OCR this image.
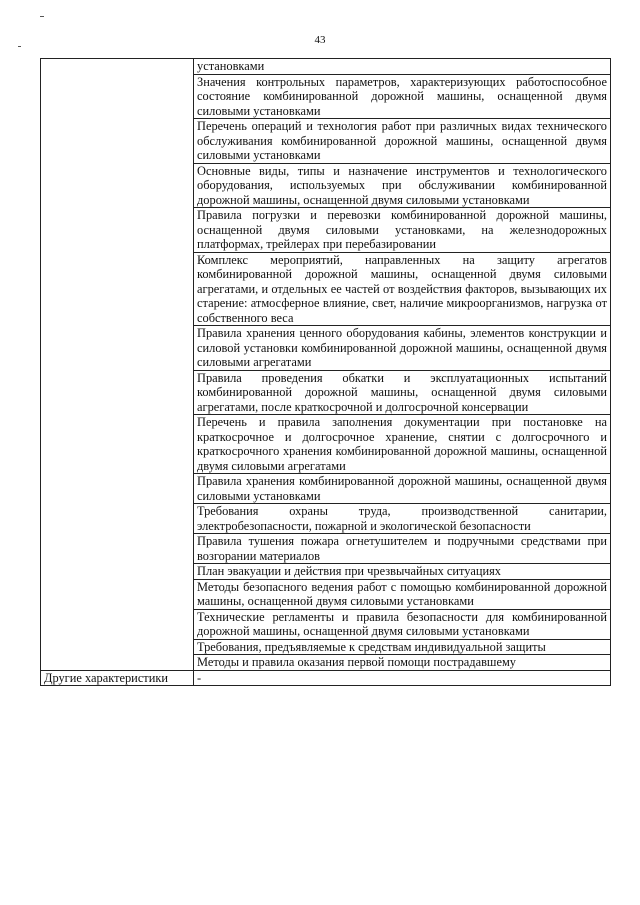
43
	установками
	Значения контрольных параметров, характеризующих работоспособное состояние комбинированной дорожной машины, оснащенной двумя силовыми установками
	Перечень операций и технология работ при различных видах технического обслуживания комбинированной дорожной машины, оснащенной двумя силовыми установками
	Основные виды, типы и назначение инструментов и технологического оборудования, используемых при обслуживании комбинированной дорожной машины, оснащенной двумя силовыми установками
	Правила погрузки и перевозки комбинированной дорожной машины, оснащенной двумя силовыми установками, на железнодорожных платформах, трейлерах при перебазировании
	Комплекс мероприятий, направленных на защиту агрегатов комбинированной дорожной машины, оснащенной двумя силовыми агрегатами, и отдельных ее частей от воздействия факторов, вызывающих их старение: атмосферное влияние, свет, наличие микроорганизмов, нагрузка от собственного веса
	Правила хранения ценного оборудования кабины, элементов конструкции и силовой установки комбинированной дорожной машины, оснащенной двумя силовыми агрегатами
	Правила проведения обкатки и эксплуатационных испытаний комбинированной дорожной машины, оснащенной двумя силовыми агрегатами, после краткосрочной и долгосрочной консервации
	Перечень и правила заполнения документации при постановке на краткосрочное и долгосрочное хранение, снятии с долгосрочного и краткосрочного хранения комбинированной дорожной машины, оснащенной двумя силовыми агрегатами
	Правила хранения комбинированной дорожной машины, оснащенной двумя силовыми установками
	Требования охраны труда, производственной санитарии, электробезопасности, пожарной и экологической безопасности
	Правила тушения пожара огнетушителем и подручными средствами при возгорании материалов
	План эвакуации и действия при чрезвычайных ситуациях
	Методы безопасного ведения работ с помощью комбинированной дорожной машины, оснащенной двумя силовыми установками
	Технические регламенты и правила безопасности для комбинированной дорожной машины, оснащенной двумя силовыми установками
	Требования, предъявляемые к средствам индивидуальной защиты
	Методы и правила оказания первой помощи пострадавшему
Другие характеристики	-
